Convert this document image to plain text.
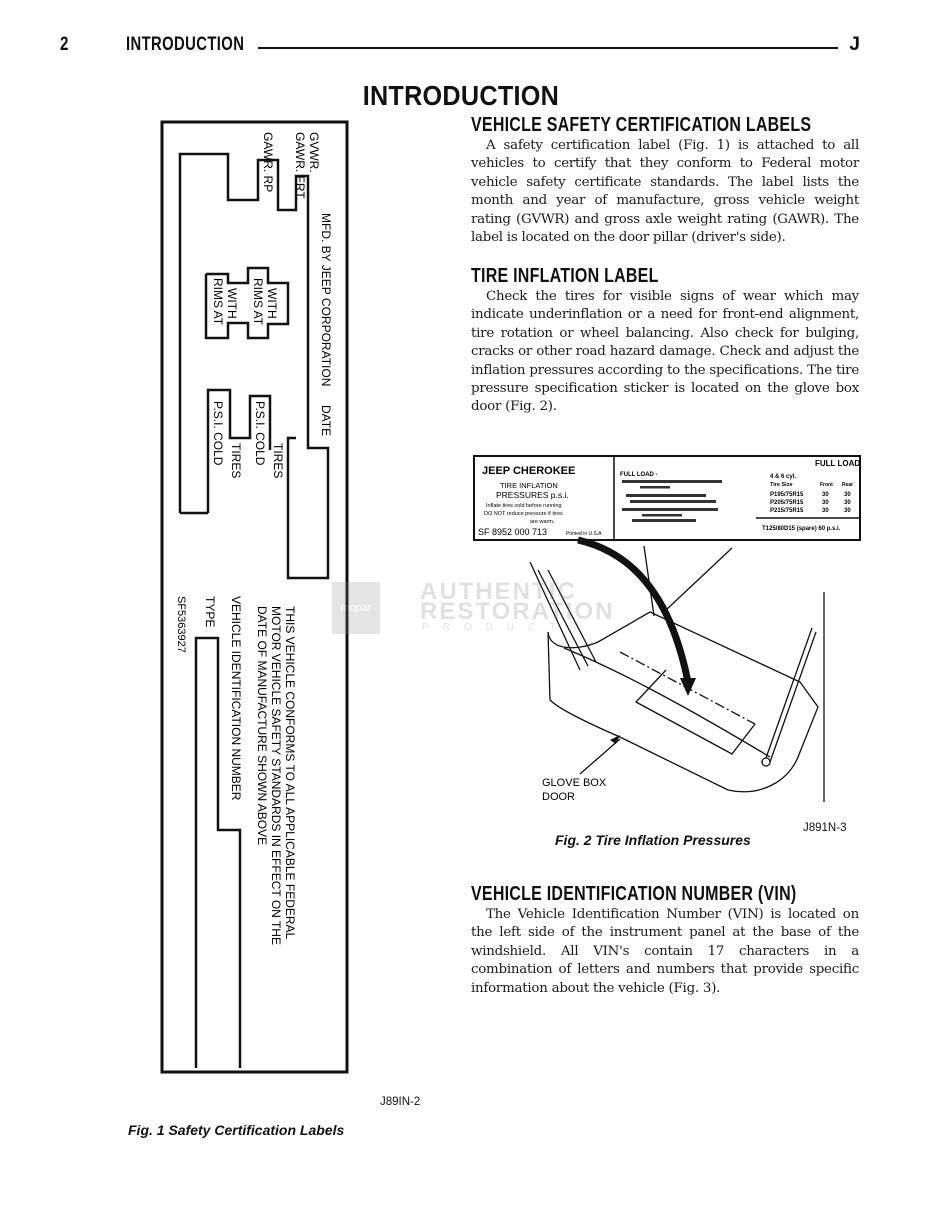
2	INTRODUCTION	J
INTRODUCTION
GVWR.
GAWR. FRT.
GAWR. RP
MFD. BY JEEP CORPORATION
DATE
WITH
RIMS AT
WITH
RIMS AT
P.S.I. COLD TIRES
P.S.I. COLD TIRES
THIS VEHICLE CONFORMS TO ALL APPLICABLE FEDERAL
MOTOR VEHICLE SAFETY STANDARDS IN EFFECT ON THE
DATE OF MANUFACTURE SHOWN ABOVE
VEHICLE IDENTIFICATION NUMBER
TYPE
SF5363927
J89IN-2
Fig. 1 Safety Certification Labels
VEHICLE SAFETY CERTIFICATION LABELS

A safety certification label (Fig. 1) is attached to all vehicles to certify that they conform to Federal motor vehicle safety certificate standards. The label lists the month and year of manufacture, gross vehicle weight rating (GVWR) and gross axle weight rating (GAWR). The label is located on the door pillar (driver's side).

TIRE INFLATION LABEL

Check the tires for visible signs of wear which may indicate underinflation or a need for front-end alignment, tire rotation or wheel balancing. Also check for bulging, cracks or other road hazard damage. Check and adjust the inflation pressures according to the specifications. The tire pressure specification sticker is located on the glove box door (Fig. 2).

JEEP CHEROKEE
TIRE INFLATION
PRESSURES p.s.i.
Inflate tires cold before running
DO NOT reduce pressure if tires
are warm.
SF 8952 000 713	Printed in U.S.A
FULL LOAD -	4 & 6 cyl.
FULL LOAD
Tire Size	Front Rear
P195/75R15	30	30
P205/75R15	30	30
P215/75R15	30	30
T125/80D15 (spare) 60 p.s.i.
GLOVE BOX
DOOR
J891N-3
Fig. 2 Tire Inflation Pressures
VEHICLE IDENTIFICATION NUMBER (VIN)

The Vehicle Identification Number (VIN) is located on the left side of the instrument panel at the base of the windshield. All VIN's contain 17 characters in a combination of letters and numbers that provide specific information about the vehicle (Fig. 3).

mopar
AUTHENTIC
RESTORATION
PRODUCTS
